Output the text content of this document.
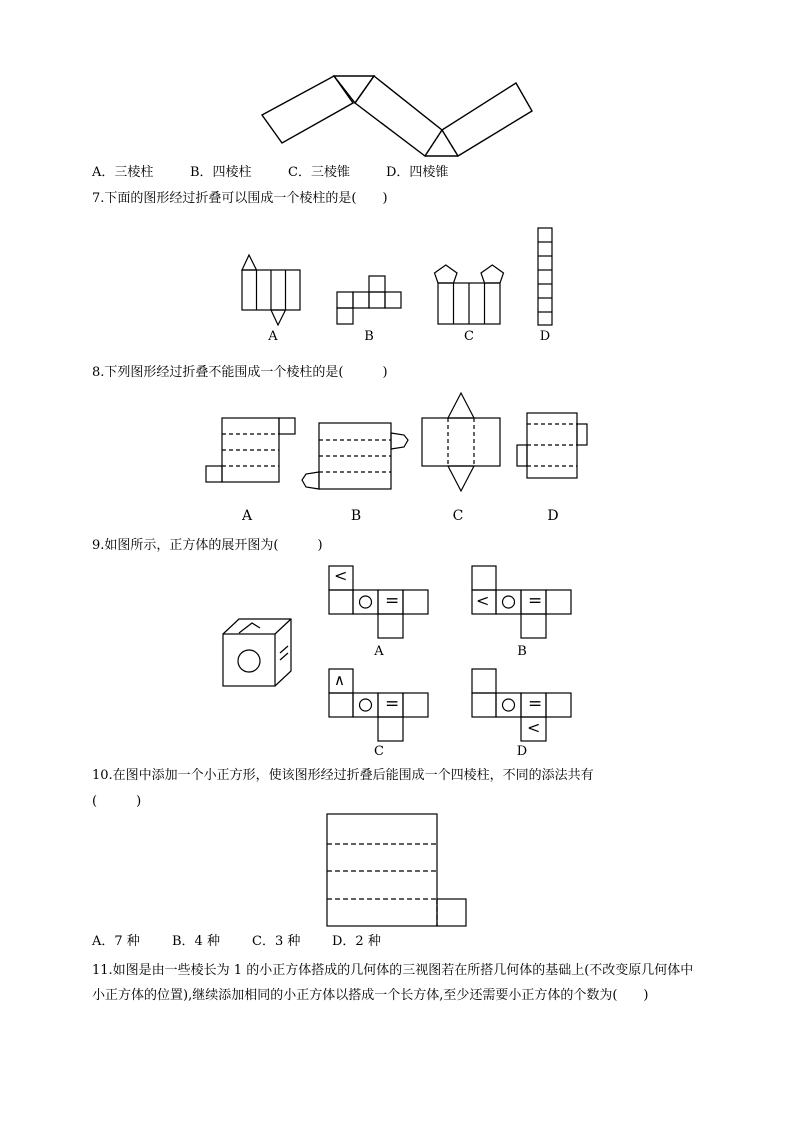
A．三棱柱	B．四棱柱	C．三棱锥	D．四棱锥
7.下面的图形经过折叠可以围成一个棱柱的是(　　)
A	B	C	D
8.下列图形经过折叠不能围成一个棱柱的是(　　　)
A	B	C	D
9.如图所示，正方体的展开图为(　　　)
<
=	< =
∧
=	=
<
A	B
C	D
10.在图中添加一个小正方形，使该图形经过折叠后能围成一个四棱柱，不同的添法共有
(　　　)
A．7 种 B．4 种 C．3 种 D．2 种
11.如图是由一些棱长为 1 的小正方体搭成的几何体的三视图若在所搭几何体的基础上(不改变原几何体中小正方体的位置),继续添加相同的小正方体以搭成一个长方体,至少还需要小正方体的个数为(　　)
